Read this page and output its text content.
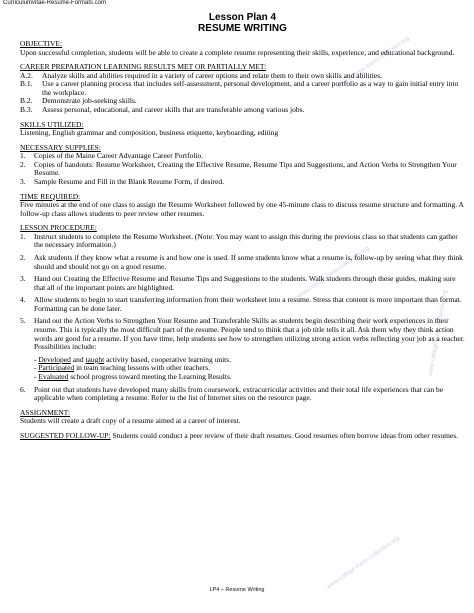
Curriculumvitae-Resume-Formats.com
www.college-icons-collection.org
www.college-icons-collection.org
www.college-icons-collection.org
www.college-icons-collection.org
Lesson Plan 4
RESUME WRITING
OBJECTIVE:
Upon successful completion, students will be able to create a complete resume representing their skills, experience, and educational background.
CAREER PREPARATION LEARNING RESULTS MET OR PARTIALLY MET:
A.2.	Analyze skills and abilities required in a variety of career options and relate them to their own skills and abilities.
B.1.	Use a career planning process that includes self-assessment, personal development, and a career portfolio as a way to gain initial entry into the workplace.
B.2.	Demonstrate job-seeking skills.
B.3.	Assess personal, educational, and career skills that are transferable among various jobs.
SKILLS UTILIZED:
Listening, English grammar and composition, business etiquette, keyboarding, editing
NECESSARY SUPPLIES:
1.	Copies of the Maine Career Advantage Career Portfolio.
2.	Copies of handouts: Resume Worksheet, Creating the Effective Resume, Resume Tips and Suggestions, and Action Verbs to Strengthen Your Resume.
3.	Sample Resume and Fill in the Blank Resume Form, if desired.
TIME REQUIRED:
Five minutes at the end of one class to assign the Resume Worksheet followed by one 45-minute class to discuss resume structure and formatting. A follow-up class allows students to peer review other resumes.
LESSON PROCEDURE:
1.	Instruct students to complete the Resume Worksheet. (Note: You may want to assign this during the previous class so that students can gather the necessary information.)
2.	Ask students if they know what a resume is and how one is used. If some students know what a resume is, follow-up by seeing what they think should and should not go on a good resume.
3.	Hand out Creating the Effective Resume and Resume Tips and Suggestions to the students. Walk students through these guides, making sure that all of the important points are highlighted.
4.	Allow students to begin to start transferring information from their worksheet into a resume. Stress that content is more important than format. Formatting can be done later.
5.	Hand out the Action Verbs to Strengthen Your Resume and Transferable Skills as students begin describing their work experiences in their resume. This is typically the most difficult part of the resume. People tend to think that a job title tells it all. Ask them why they think action words are good for a resume. If you have time, help students see how to strengthen utilizing strong action verbs reflecting your job as a teacher. Possibilities include:
- Developed and taught activity based, cooperative learning units.
- Participated in team teaching lessons with other teachers.
- Evaluated school progress toward meeting the Learning Results.
6.	Point out that students have developed many skills from coursework, extracurricular activities and their total life experiences that can be applicable when completing a resume. Refer to the list of Internet sites on the resource page.
ASSIGNMENT:
Students will create a draft copy of a resume aimed at a career of interest.
SUGGESTED FOLLOW-UP: Students could conduct a peer review of their draft resumes. Good resumes often borrow ideas from other resumes.
LP4 – Resume Writing
